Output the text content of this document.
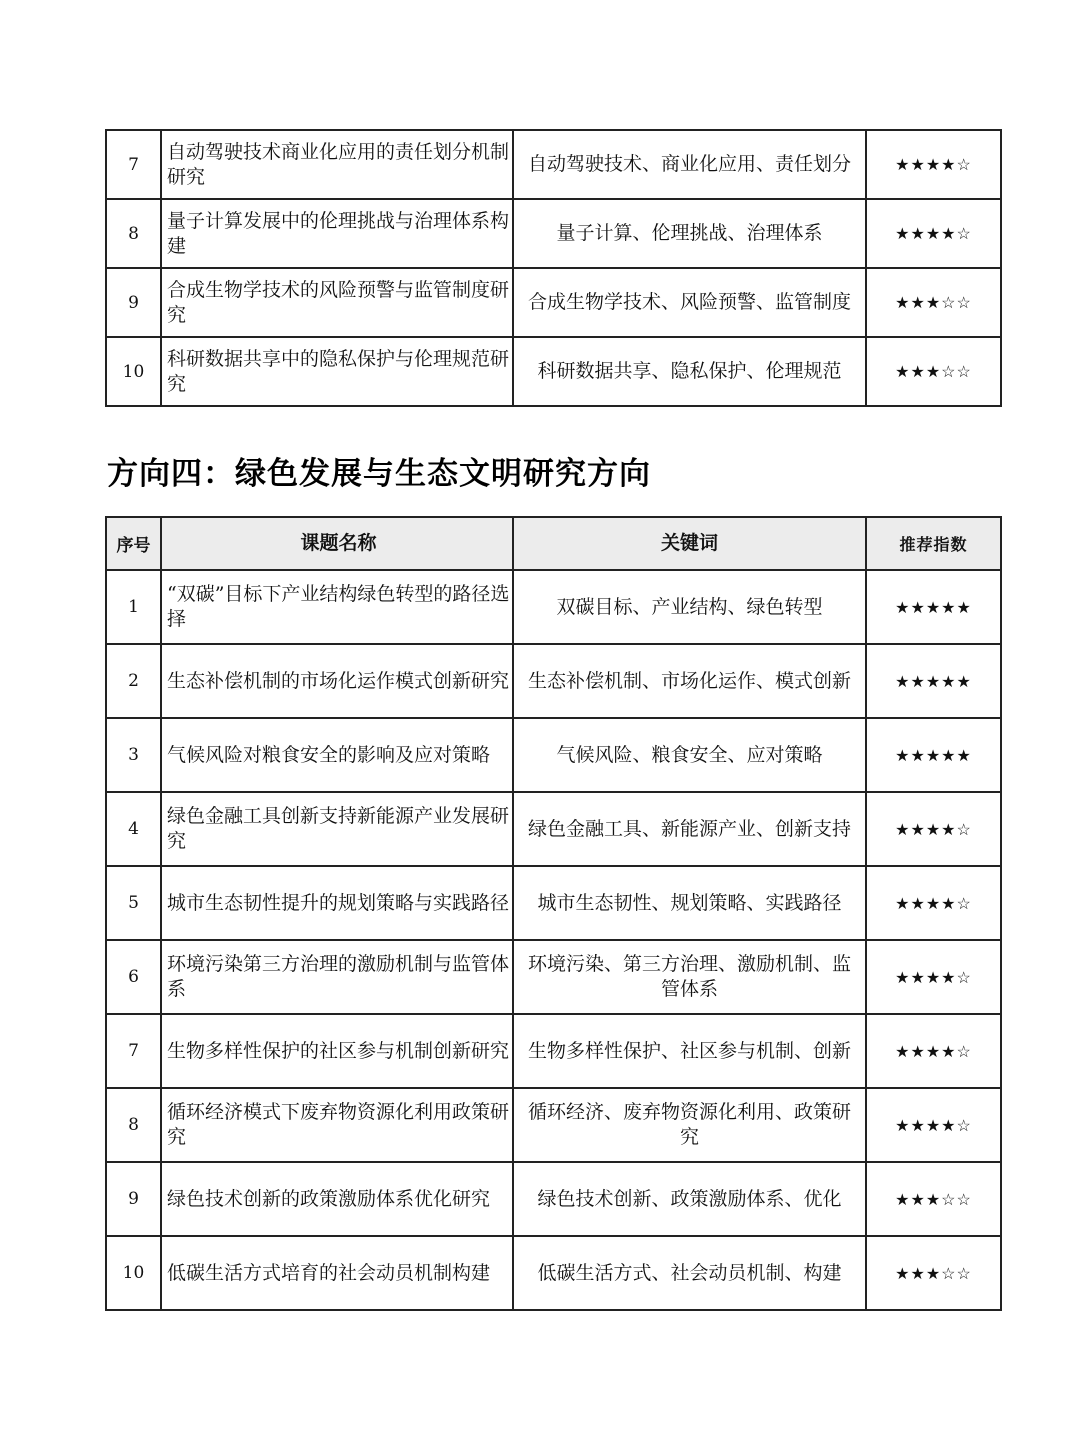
7	自动驾驶技术商业化应用的责任划分机制研究	自动驾驶技术、商业化应用、责任划分	★★★★☆
8	量子计算发展中的伦理挑战与治理体系构建	量子计算、伦理挑战、治理体系	★★★★☆
9	合成生物学技术的风险预警与监管制度研究	合成生物学技术、风险预警、监管制度	★★★☆☆
10	科研数据共享中的隐私保护与伦理规范研究	科研数据共享、隐私保护、伦理规范	★★★☆☆
方向四：绿色发展与生态文明研究方向
序号	课题名称	关键词	推荐指数
1	“双碳”目标下产业结构绿色转型的路径选择	双碳目标、产业结构、绿色转型	★★★★★
2	生态补偿机制的市场化运作模式创新研究	生态补偿机制、市场化运作、模式创新	★★★★★
3	气候风险对粮食安全的影响及应对策略	气候风险、粮食安全、应对策略	★★★★★
4	绿色金融工具创新支持新能源产业发展研究	绿色金融工具、新能源产业、创新支持	★★★★☆
5	城市生态韧性提升的规划策略与实践路径	城市生态韧性、规划策略、实践路径	★★★★☆
6	环境污染第三方治理的激励机制与监管体系	环境污染、第三方治理、激励机制、监管体系	★★★★☆
7	生物多样性保护的社区参与机制创新研究	生物多样性保护、社区参与机制、创新	★★★★☆
8	循环经济模式下废弃物资源化利用政策研究	循环经济、废弃物资源化利用、政策研究	★★★★☆
9	绿色技术创新的政策激励体系优化研究	绿色技术创新、政策激励体系、优化	★★★☆☆
10	低碳生活方式培育的社会动员机制构建	低碳生活方式、社会动员机制、构建	★★★☆☆
